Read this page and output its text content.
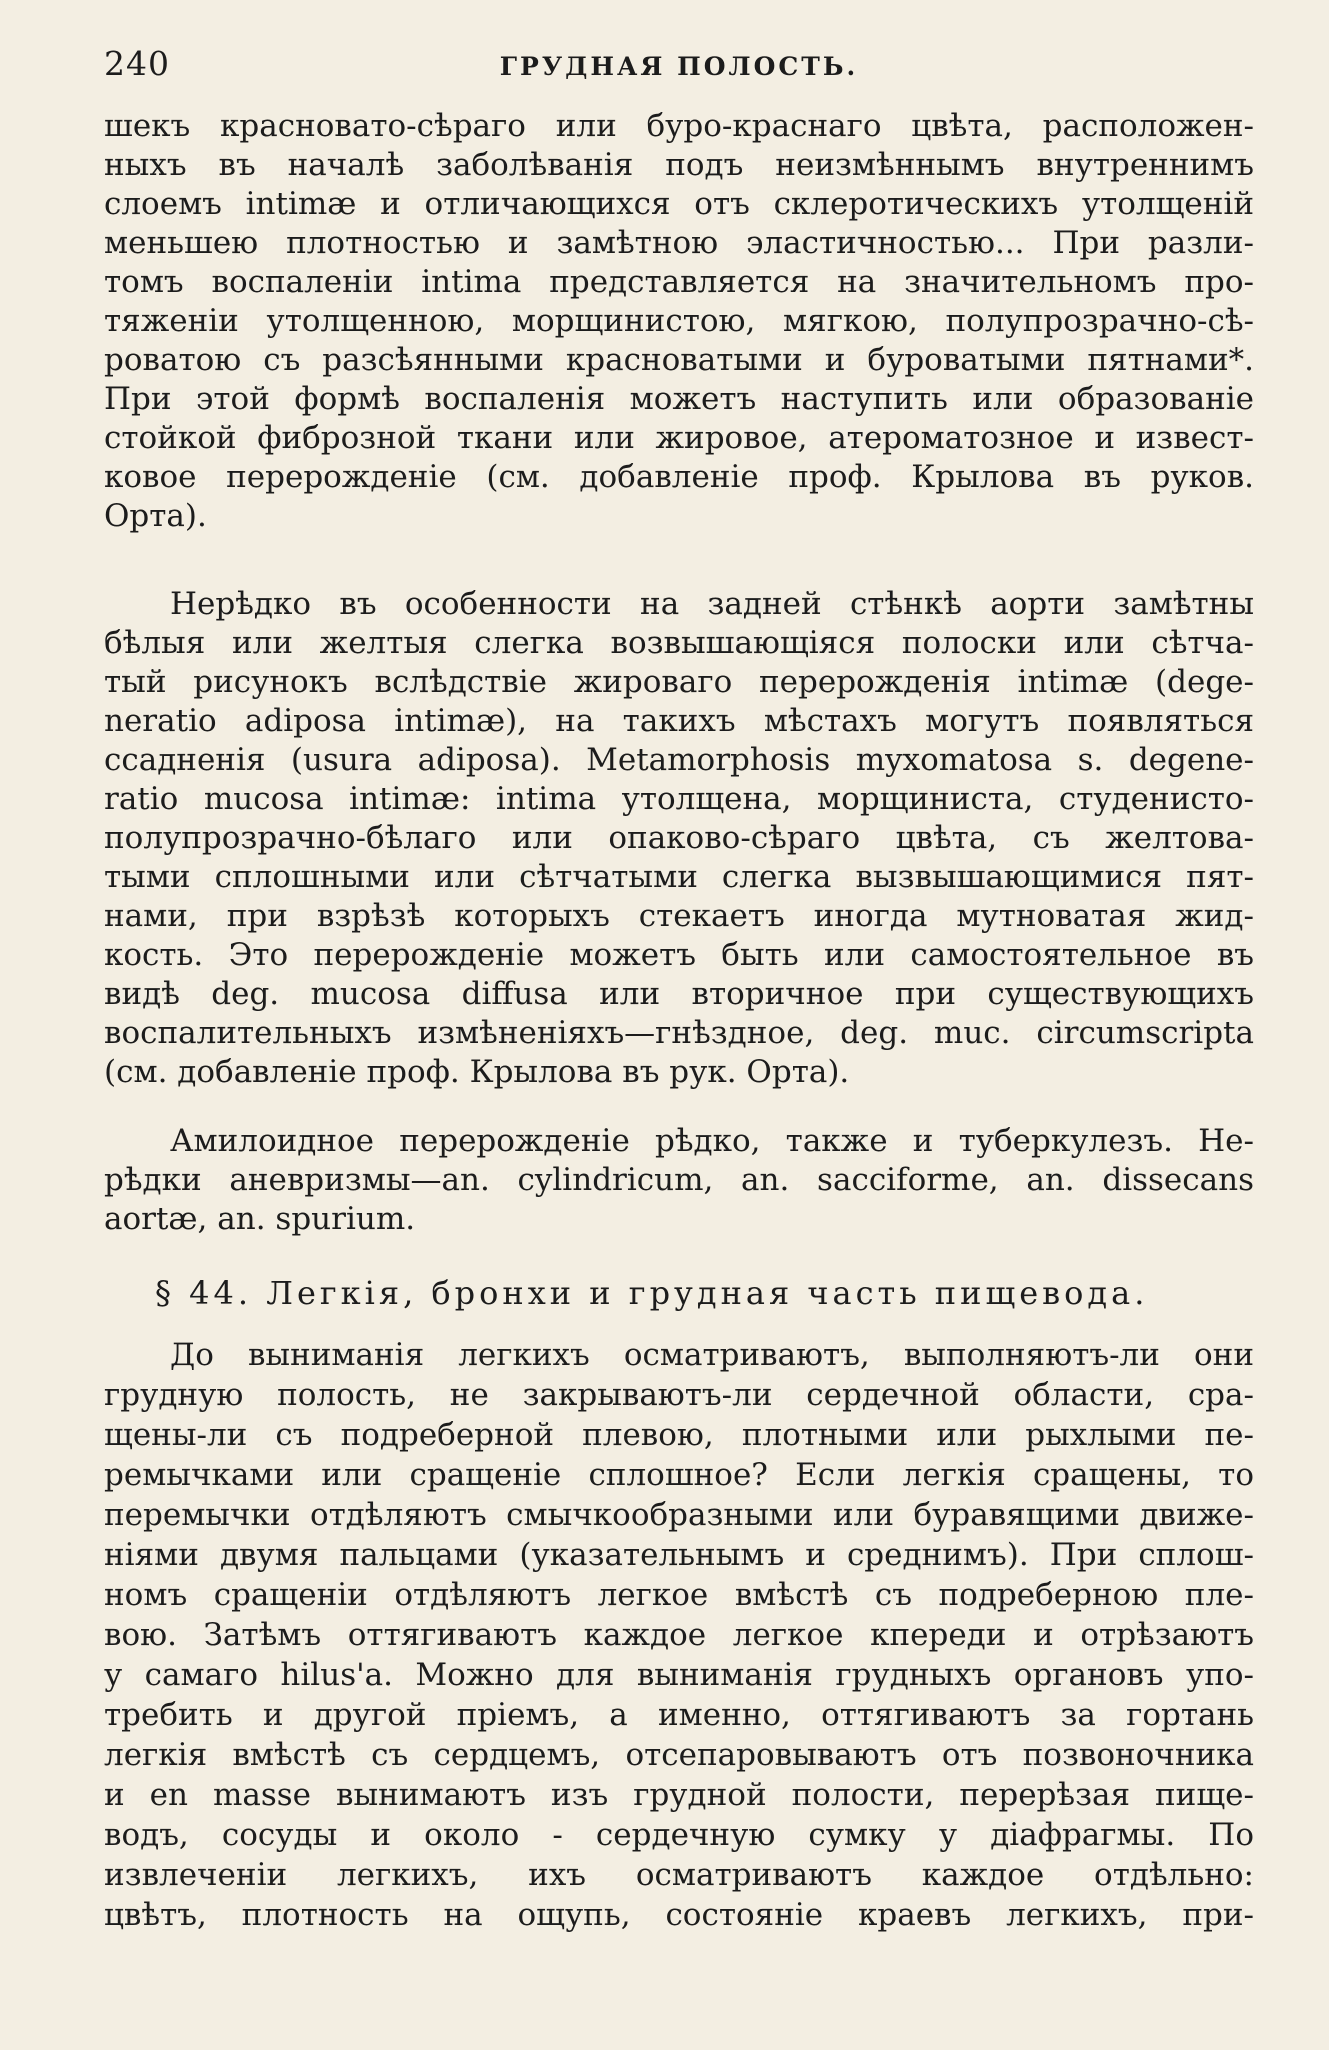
240	ГРУДНАЯ ПОЛОСТЬ.
шекъ красновато-сѣраго или буро-краснаго цвѣта, расположен-
ныхъ въ началѣ заболѣванія подъ неизмѣннымъ внутреннимъ
слоемъ intimæ и отличающихся отъ склеротическихъ утолщеній
меньшею плотностью и замѣтною эластичностью... При разли-
томъ воспаленіи intima представляется на значительномъ про-
тяженіи утолщенною, морщинистою, мягкою, полупрозрачно-сѣ-
роватою съ разсѣянными красноватыми и буроватыми пятнами*.
При этой формѣ воспаленія можетъ наступить или образованіе
стойкой фиброзной ткани или жировое, атероматозное и извест-
ковое перерожденіе (см. добавленіе проф. Крылова въ руков.
Орта).
Нерѣдко въ особенности на задней стѣнкѣ аорти замѣтны
бѣлыя или желтыя слегка возвышающіяся полоски или сѣтча-
тый рисунокъ вслѣдствіе жироваго перерожденія intimæ (dege-
neratio adiposa intimæ), на такихъ мѣстахъ могутъ появляться
ссадненія (usura adiposa). Metamorphosis myxomatosa s. degene-
ratio mucosa intimæ: intima утолщена, морщиниста, студенисто-
полупрозрачно-бѣлаго или опаково-сѣраго цвѣта, съ желтова-
тыми сплошными или сѣтчатыми слегка вызвышающимися пят-
нами, при взрѣзѣ которыхъ стекаетъ иногда мутноватая жид-
кость. Это перерожденіе можетъ быть или самостоятельное въ
видѣ deg. mucosa diffusa или вторичное при существующихъ
воспалительныхъ измѣненіяхъ—гнѣздное, deg. muc. circumscripta
(см. добавленіе проф. Крылова въ рук. Орта).
Амилоидное перерожденіе рѣдко, также и туберкулезъ. Не-
рѣдки аневризмы—an. cylindricum, an. sacciforme, an. dissecans
aortæ, an. spurium.
§ 44. Легкія, бронхи и грудная часть пищевода.
До выниманія легкихъ осматриваютъ, выполняютъ-ли они
грудную полость, не закрываютъ-ли сердечной области, сра-
щены-ли съ подреберной плевою, плотными или рыхлыми пе-
ремычками или сращеніе сплошное? Если легкія сращены, то
перемычки отдѣляютъ смычкообразными или буравящими движе-
ніями двумя пальцами (указательнымъ и среднимъ). При сплош-
номъ сращеніи отдѣляютъ легкое вмѣстѣ съ подреберною пле-
вою. Затѣмъ оттягиваютъ каждое легкое кпереди и отрѣзаютъ
у самаго hilus'a. Можно для выниманія грудныхъ органовъ упо-
требить и другой пріемъ, а именно, оттягиваютъ за гортань
легкія вмѣстѣ съ сердцемъ, отсепаровываютъ отъ позвоночника
и en masse вынимаютъ изъ грудной полости, перерѣзая пище-
водъ, сосуды и около - сердечную сумку у діафрагмы. По
извлеченіи легкихъ, ихъ осматриваютъ каждое отдѣльно:
цвѣтъ, плотность на ощупь, состояніе краевъ легкихъ, при-
